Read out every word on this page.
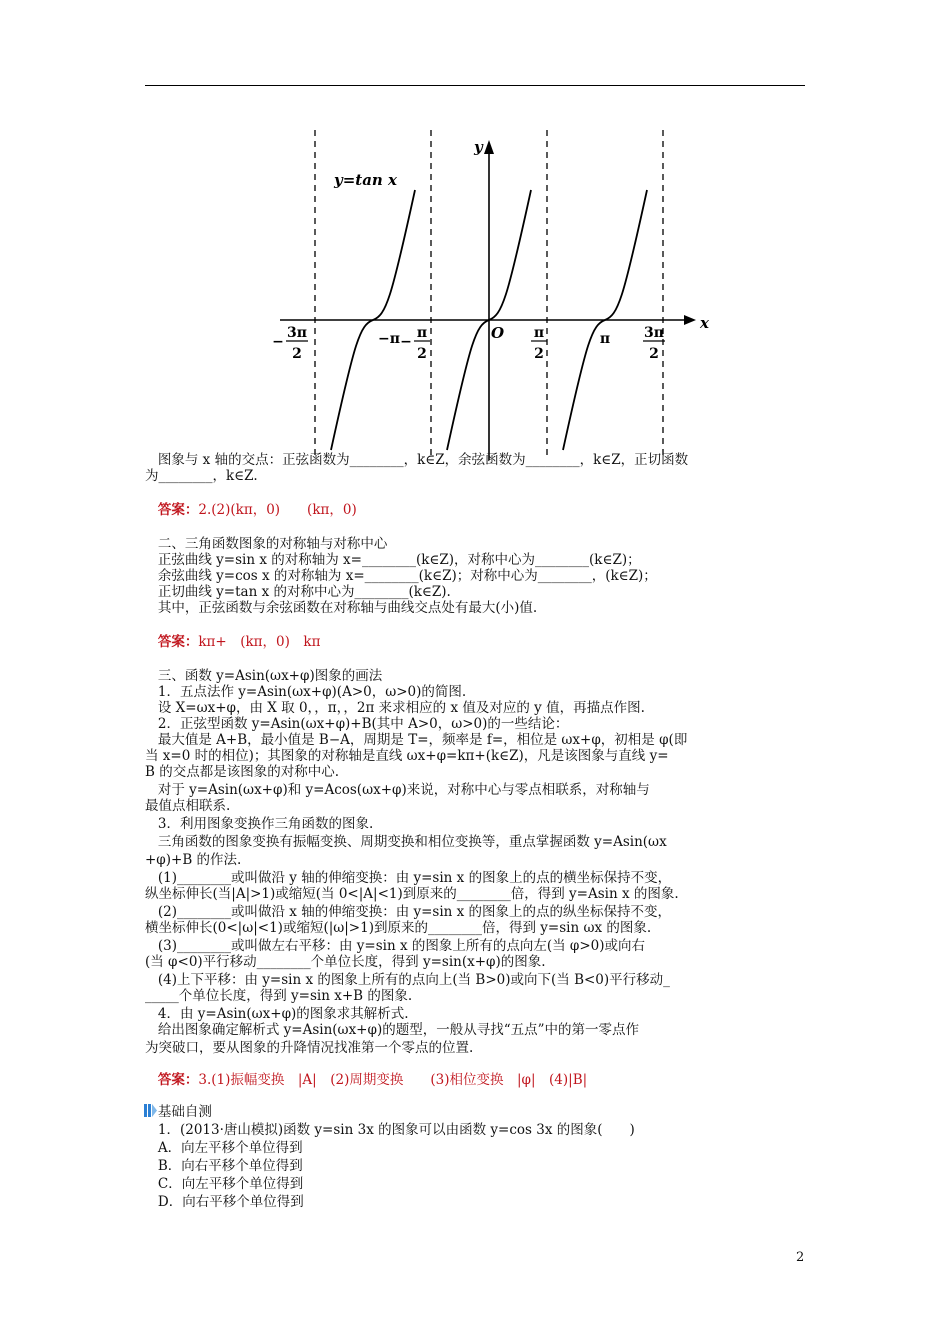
y=tan x
y
x
O
−π	π
−
3π
2
−
π
2
π
2
3π
2
图象与 x 轴的交点：正弦函数为________，k∈Z，余弦函数为________，k∈Z，正切函数
为________，k∈Z.
答案：2.(2)(kπ，0)　　(kπ，0)
二、三角函数图象的对称轴与对称中心
正弦曲线 y=sin x 的对称轴为 x=________(k∈Z)，对称中心为________(k∈Z)；
余弦曲线 y=cos x 的对称轴为 x=________(k∈Z)；对称中心为________，(k∈Z)；
正切曲线 y=tan x 的对称中心为________(k∈Z).
其中，正弦函数与余弦函数在对称轴与曲线交点处有最大(小)值.
答案：kπ+　(kπ，0)　kπ
三、函数 y=Asin(ωx+φ)图象的画法
1．五点法作 y=Asin(ωx+φ)(A>0，ω>0)的简图.
设 X=ωx+φ，由 X 取 0，，π，，2π 来求相应的 x 值及对应的 y 值，再描点作图.
2．正弦型函数 y=Asin(ωx+φ)+B(其中 A>0，ω>0)的一些结论：
最大值是 A+B，最小值是 B−A，周期是 T=，频率是 f=，相位是 ωx+φ，初相是 φ(即
当 x=0 时的相位)；其图象的对称轴是直线 ωx+φ=kπ+(k∈Z)，凡是该图象与直线 y=
B 的交点都是该图象的对称中心.
对于 y=Asin(ωx+φ)和 y=Acos(ωx+φ)来说，对称中心与零点相联系，对称轴与
最值点相联系.
3．利用图象变换作三角函数的图象.
三角函数的图象变换有振幅变换、周期变换和相位变换等，重点掌握函数 y=Asin(ωx
+φ)+B 的作法.
(1)________或叫做沿 y 轴的伸缩变换：由 y=sin x 的图象上的点的横坐标保持不变，
纵坐标伸长(当|A|>1)或缩短(当 0<|A|<1)到原来的________倍，得到 y=Asin x 的图象.
(2)________或叫做沿 x 轴的伸缩变换：由 y=sin x 的图象上的点的纵坐标保持不变，
横坐标伸长(0<|ω|<1)或缩短(|ω|>1)到原来的________倍，得到 y=sin ωx 的图象.
(3)________或叫做左右平移：由 y=sin x 的图象上所有的点向左(当 φ>0)或向右
(当 φ<0)平行移动________个单位长度，得到 y=sin(x+φ)的图象.
(4)上下平移：由 y=sin x 的图象上所有的点向上(当 B>0)或向下(当 B<0)平行移动_
_____个单位长度，得到 y=sin x+B 的图象.
4．由 y=Asin(ωx+φ)的图象求其解析式.
给出图象确定解析式 y=Asin(ωx+φ)的题型，一般从寻找“五点”中的第一零点作
为突破口，要从图象的升降情况找准第一个零点的位置.
答案：3.(1)振幅变换　|A|　(2)周期变换　　(3)相位变换　|φ|　(4)|B|
基础自测
1．(2013·唐山模拟)函数 y=sin 3x 的图象可以由函数 y=cos 3x 的图象(　　)
A．向左平移个单位得到
B．向右平移个单位得到
C．向左平移个单位得到
D．向右平移个单位得到
2
